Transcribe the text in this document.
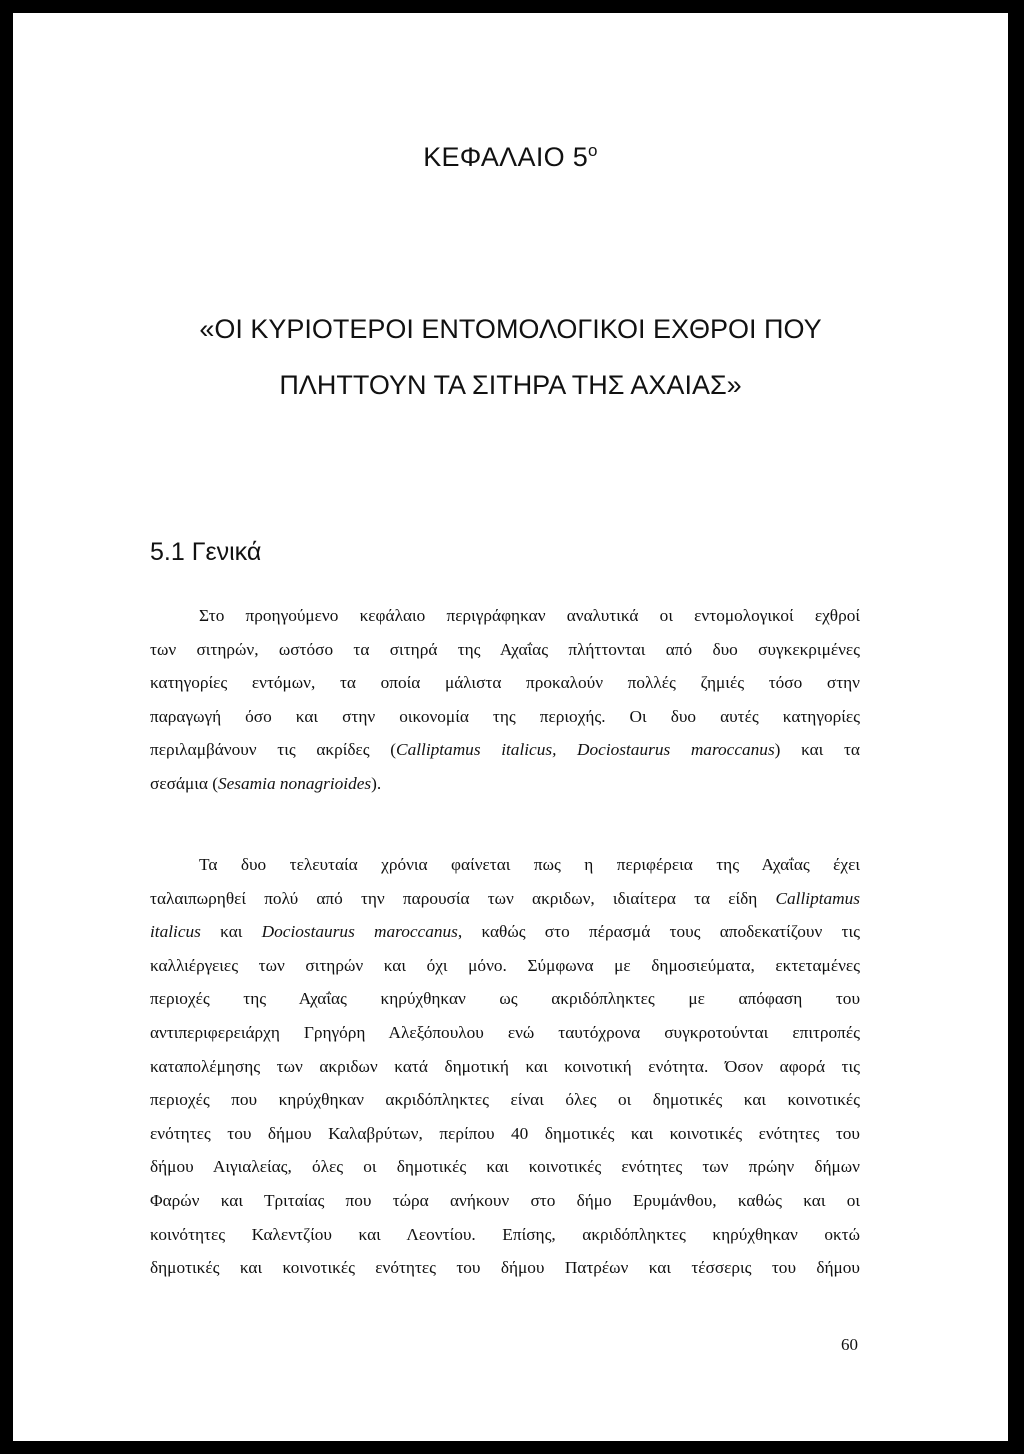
ΚΕΦΑΛΑΙΟ $5^o$
«ΟΙ ΚΥΡΙΟΤΕΡΟΙ ΕΝΤΟΜΟΛΟΓΙΚΟΙ ΕΧΘΡΟΙ ΠΟΥ
ΠΛΗΤΤΟΥΝ ΤΑ ΣΙΤΗΡΑ ΤΗΣ ΑΧΑΙΑΣ»
5.1 Γενικά
Στο προηγούμενο κεφάλαιο περιγράφηκαν αναλυτικά οι εντομολογικοί εχθροί
των σιτηρών, ωστόσο τα σιτηρά της Αχαΐας πλήττονται από δυο συγκεκριμένες
κατηγορίες εντόμων, τα οποία μάλιστα προκαλούν πολλές ζημιές τόσο στην
παραγωγή όσο και στην οικονομία της περιοχής. Οι δυο αυτές κατηγορίες
περιλαμβάνουν τις ακρίδες (Calliptamus italicus, Dociostaurus maroccanus) και τα
σεσάμια (Sesamia nonagrioides).
Τα δυο τελευταία χρόνια φαίνεται πως η περιφέρεια της Αχαΐας έχει
ταλαιπωρηθεί πολύ από την παρουσία των ακριδων, ιδιαίτερα τα είδη Calliptamus
italicus και Dociostaurus maroccanus, καθώς στο πέρασμά τους αποδεκατίζουν τις
καλλιέργειες των σιτηρών και όχι μόνο. Σύμφωνα με δημοσιεύματα, εκτεταμένες
περιοχές της Αχαΐας κηρύχθηκαν ως ακριδόπληκτες με απόφαση του
αντιπεριφερειάρχη Γρηγόρη Αλεξόπουλου ενώ ταυτόχρονα συγκροτούνται επιτροπές
καταπολέμησης των ακριδων κατά δημοτική και κοινοτική ενότητα. Όσον αφορά τις
περιοχές που κηρύχθηκαν ακριδόπληκτες είναι όλες οι δημοτικές και κοινοτικές
ενότητες του δήμου Καλαβρύτων, περίπου 40 δημοτικές και κοινοτικές ενότητες του
δήμου Αιγιαλείας, όλες οι δημοτικές και κοινοτικές ενότητες των πρώην δήμων
Φαρών και Τριταίας που τώρα ανήκουν στο δήμο Ερυμάνθου, καθώς και οι
κοινότητες Καλεντζίου και Λεοντίου. Επίσης, ακριδόπληκτες κηρύχθηκαν οκτώ
δημοτικές και κοινοτικές ενότητες του δήμου Πατρέων και τέσσερις του δήμου
60
